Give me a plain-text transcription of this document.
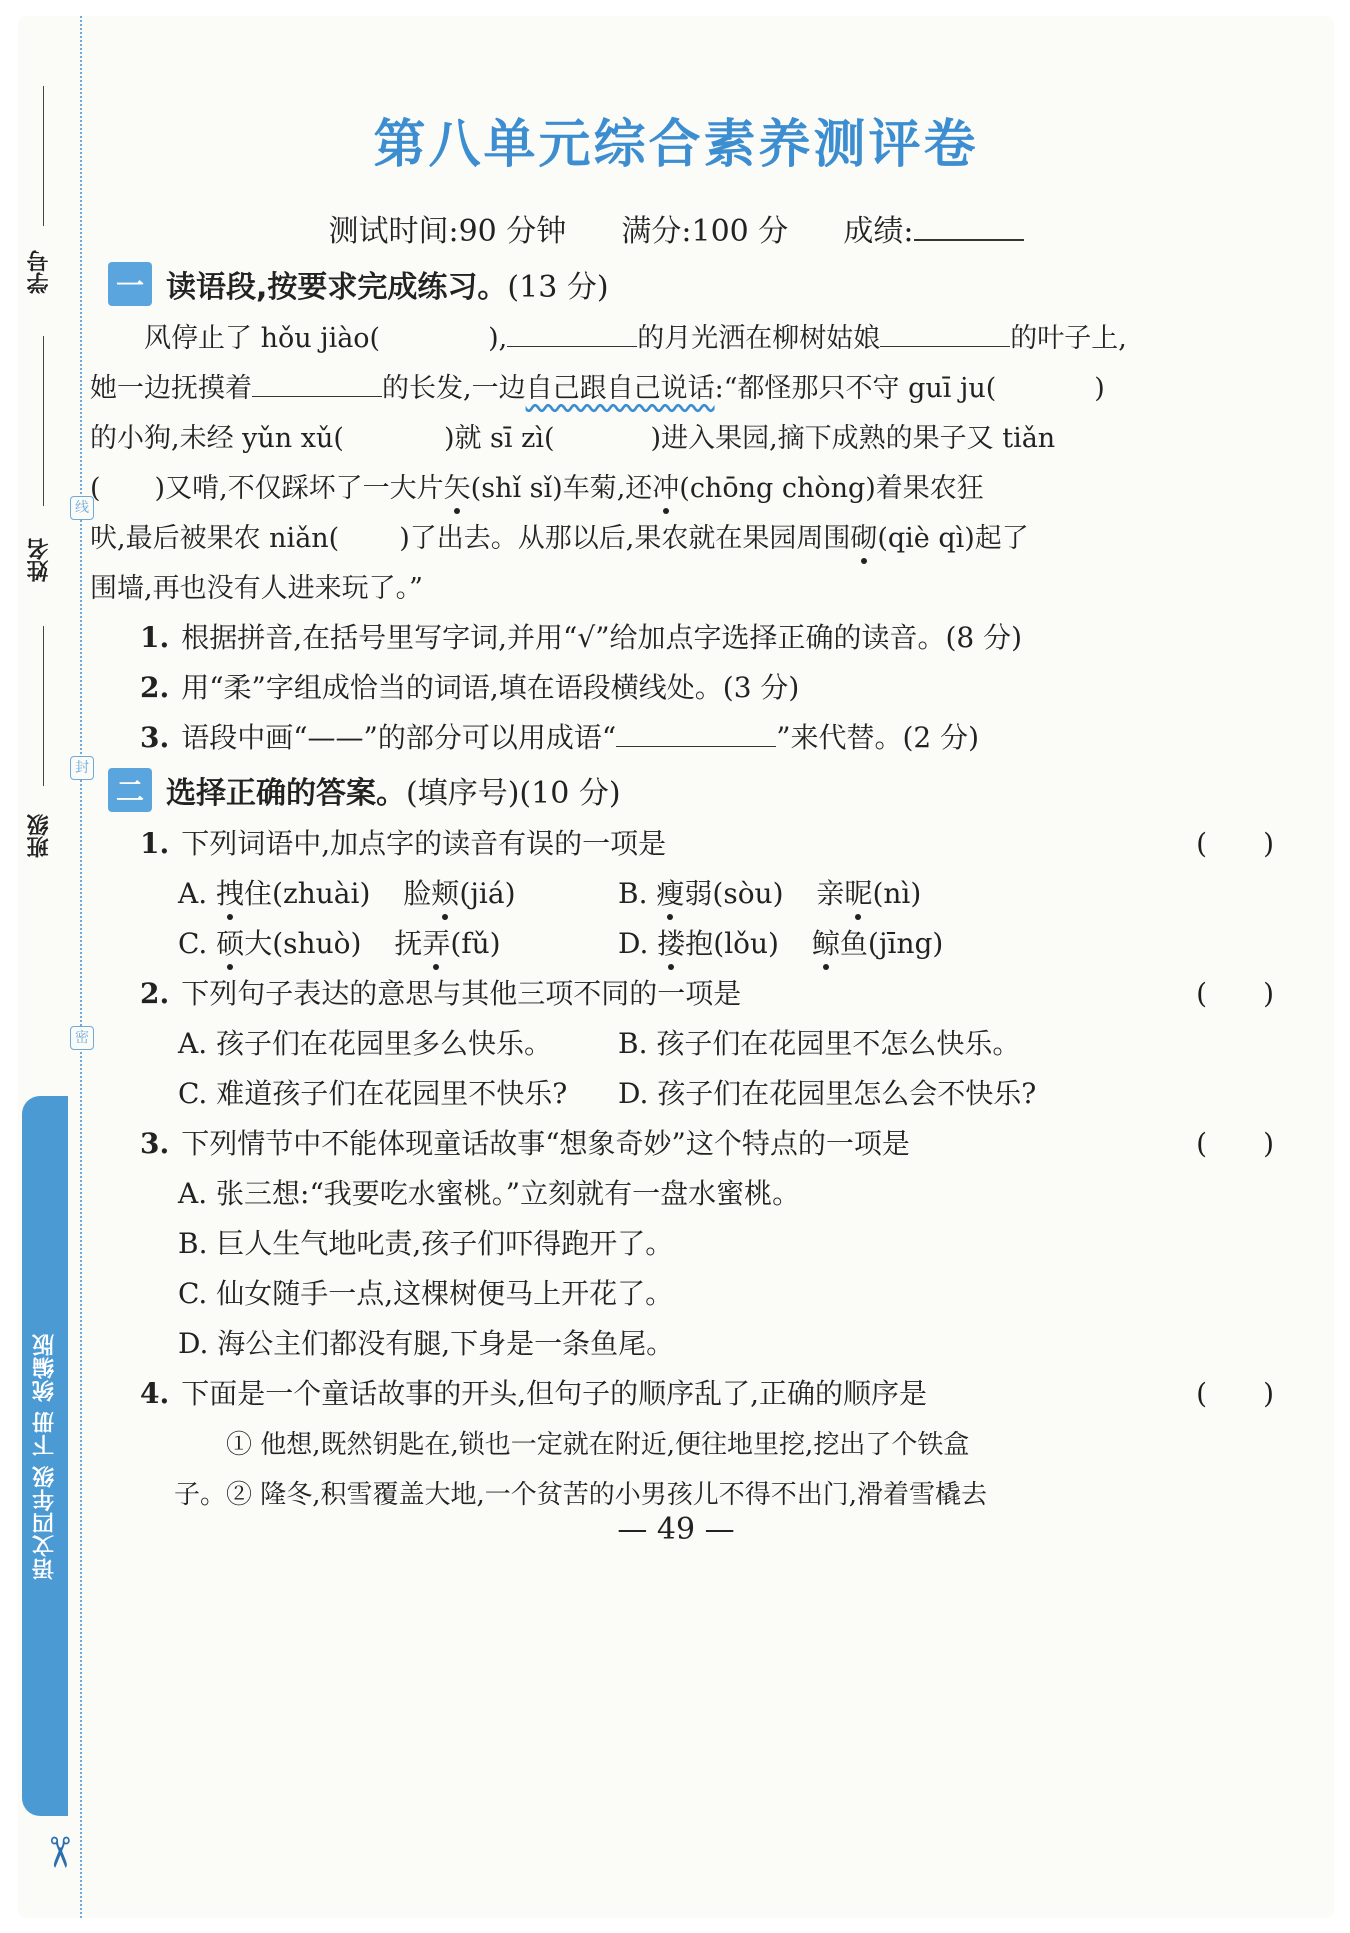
学号
姓名
班级
线
封
密
语文四年级 下册 统编版
✂
第八单元综合素养测评卷
测试时间:90 分钟 满分:100 分 成绩:
一 读语段,按要求完成练习。 (13 分)
风停止了 hǒu jiào(	),	的月光洒在柳树姑娘	的叶子上,
她一边抚摸着	的长发,一边自己跟自己说话:“都怪那只不守 guī ju(	)
的小狗,未经 yǔn xǔ(	)就 sī zì(	)进入果园,摘下成熟的果子又 tiǎn
( )又啃,不仅踩坏了一大片矢(shǐ sǐ)车菊,还冲(chōng chòng)着果农狂
吠,最后被果农 niǎn( )了出去。从那以后,果农就在果园周围砌(qiè qì)起了
围墙,再也没有人进来玩了。”
1. 根据拼音,在括号里写字词,并用“√”给加点字选择正确的读音。(8 分)
2. 用“柔”字组成恰当的词语,填在语段横线处。(3 分)
3. 语段中画“——”的部分可以用成语“	”来代替。(2 分)
二 选择正确的答案。 (填序号)(10 分)
1. 下列词语中,加点字的读音有误的一项是	(　　)
A. 拽住(zhuài) 脸颊(jiá)	B. 瘦弱(sòu) 亲昵(nì)
C. 硕大(shuò) 抚弄(fǔ)	D. 搂抱(lǒu) 鲸鱼(jīng)
2. 下列句子表达的意思与其他三项不同的一项是	(　　)
A. 孩子们在花园里多么快乐。 B. 孩子们在花园里不怎么快乐。
C. 难道孩子们在花园里不快乐? D. 孩子们在花园里怎么会不快乐?
3. 下列情节中不能体现童话故事“想象奇妙”这个特点的一项是	(　　)
A. 张三想:“我要吃水蜜桃。”立刻就有一盘水蜜桃。
B. 巨人生气地叱责,孩子们吓得跑开了。
C. 仙女随手一点,这棵树便马上开花了。
D. 海公主们都没有腿,下身是一条鱼尾。
4. 下面是一个童话故事的开头,但句子的顺序乱了,正确的顺序是	(　　)
① 他想,既然钥匙在,锁也一定就在附近,便往地里挖,挖出了个铁盒
子。② 隆冬,积雪覆盖大地,一个贫苦的小男孩儿不得不出门,滑着雪橇去
— 49 —
